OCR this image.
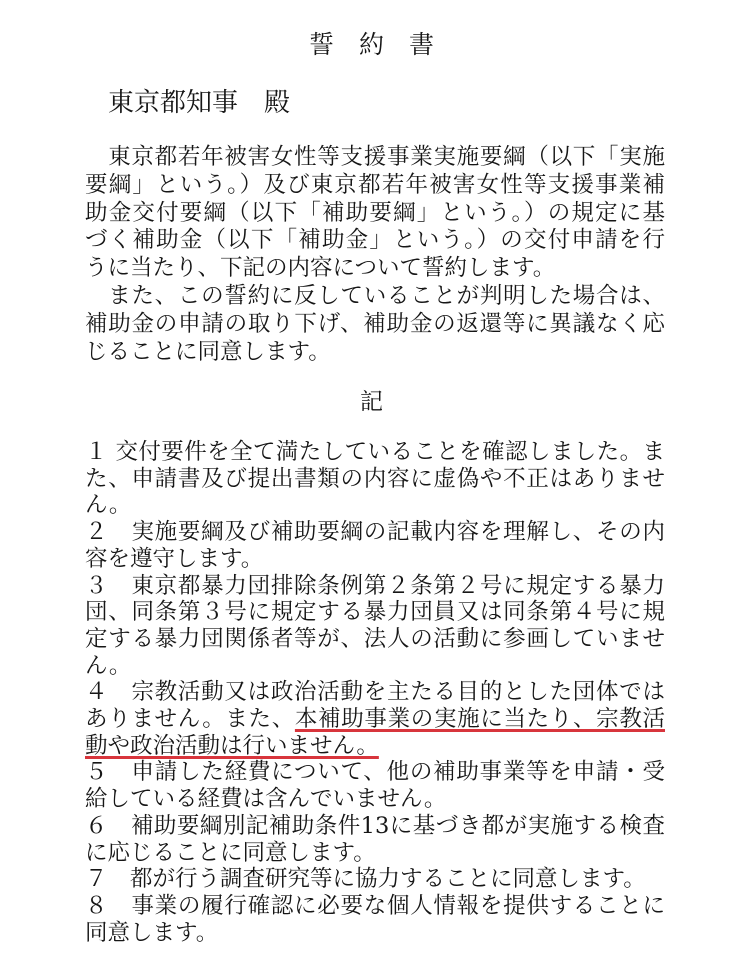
誓　約　書
東京都知事　殿
　東京都若年被害女性等支援事業実施要綱（以下「実施
要綱」という。）及び東京都若年被害女性等支援事業補
助金交付要綱（以下「補助要綱」という。）の規定に基
づく補助金（以下「補助金」という。）の交付申請を行
うに当たり、下記の内容について誓約します。
　また、この誓約に反していることが判明した場合は、
補助金の申請の取り下げ、補助金の返還等に異議なく応
じることに同意します。
記
１ 交付要件を全て満たしていることを確認しました。ま
た、申請書及び提出書類の内容に虚偽や不正はありませ
ん。
２　実施要綱及び補助要綱の記載内容を理解し、その内
容を遵守します。
３　東京都暴力団排除条例第２条第２号に規定する暴力
団、同条第３号に規定する暴力団員又は同条第４号に規
定する暴力団関係者等が、法人の活動に参画していませ
ん。
４　宗教活動又は政治活動を主たる目的とした団体では
ありません。また、本補助事業の実施に当たり、宗教活
動や政治活動は行いません。
５　申請した経費について、他の補助事業等を申請・受
給している経費は含んでいません。
６　補助要綱別記補助条件13に基づき都が実施する検査
に応じることに同意します。
７　都が行う調査研究等に協力することに同意します。
８　事業の履行確認に必要な個人情報を提供することに
同意します。
